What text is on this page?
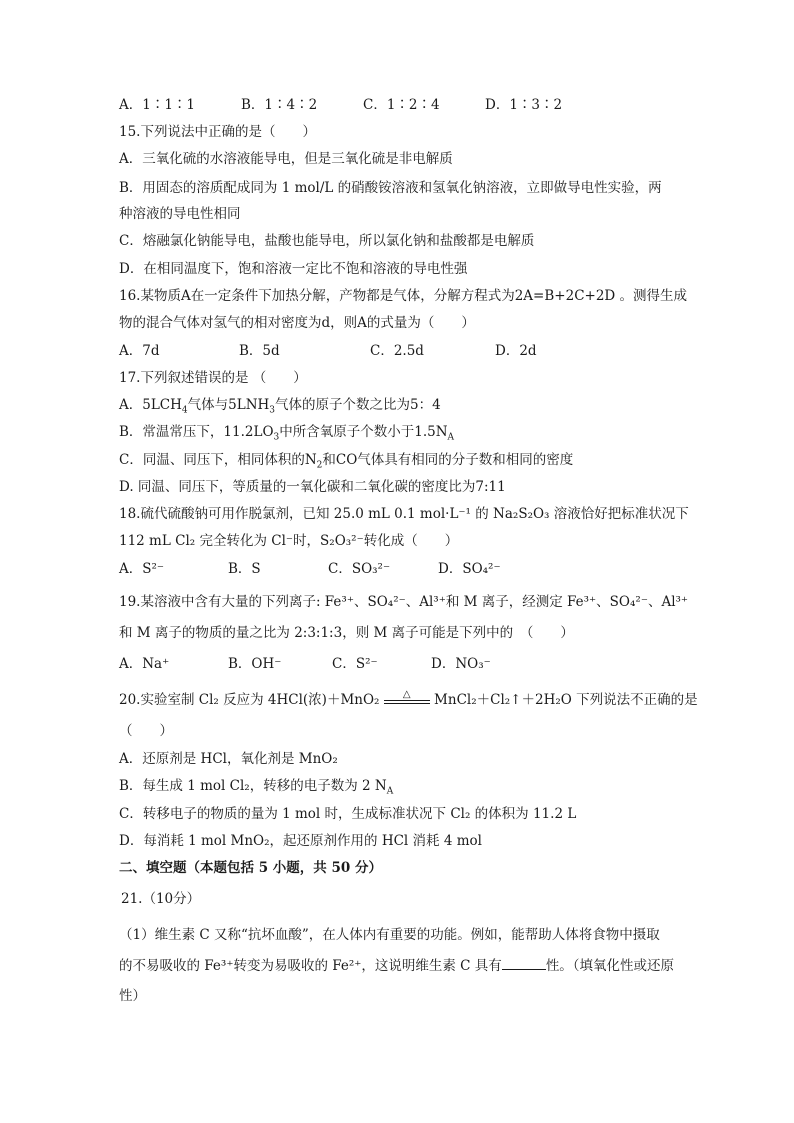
A．1∶1∶1	B．1∶4∶2	C．1∶2∶4	D．1∶3∶2
15.下列说法中正确的是（　　）
A．三氧化硫的水溶液能导电，但是三氧化硫是非电解质
B．用固态的溶质配成同为 1 mol/L 的硝酸铵溶液和氢氧化钠溶液，立即做导电性实验，两
种溶液的导电性相同
C．熔融氯化钠能导电，盐酸也能导电，所以氯化钠和盐酸都是电解质
D．在相同温度下，饱和溶液一定比不饱和溶液的导电性强
16.某物质A在一定条件下加热分解，产物都是气体，分解方程式为2A=B+2C+2D 。测得生成
物的混合气体对氢气的相对密度为d，则A的式量为（　　）
A．7d	B．5d	C．2.5d	D．2d
17.下列叙述错误的是 （　　）
A．$5LCH_4$气体与$5LNH_3$气体的原子个数之比为5：4
B．常温常压下，$11.2LO_3$中所含氧原子个数小于$1.5N_A$
C．同温、同压下，相同体积的$N_2$和CO气体具有相同的分子数和相同的密度
D. 同温、同压下，等质量的一氧化碳和二氧化碳的密度比为7:11
18.硫代硫酸钠可用作脱氯剂，已知 25.0 mL 0.1 mol·L⁻¹ 的 Na₂S₂O₃ 溶液恰好把标准状况下
112 mL Cl₂ 完全转化为 Cl⁻时，S₂O₃²⁻转化成（　　）
A．S²⁻	B．S	C．SO₃²⁻	D．SO₄²⁻
19.某溶液中含有大量的下列离子: Fe³⁺、SO₄²⁻、Al³⁺和 M 离子，经测定 Fe³⁺、SO₄²⁻、Al³⁺
和 M 离子的物质的量之比为 2:3:1:3，则 M 离子可能是下列中的　（　　）
A．Na⁺	B．OH⁻	C．S²⁻	D．NO₃⁻
20.实验室制 Cl₂ 反应为 4HCl(浓)＋MnO₂	△	MnCl₂＋Cl₂↑＋2H₂O 下列说法不正确的是
（　　）
A．还原剂是 HCl，氧化剂是 MnO₂
B．每生成 1 mol Cl₂，转移的电子数为 2 $N_A$
C．转移电子的物质的量为 1 mol 时，生成标准状况下 Cl₂ 的体积为 11.2 L
D．每消耗 1 mol MnO₂，起还原剂作用的 HCl 消耗 4 mol
二、填空题（本题包括 5 小题，共 50 分）
21.（10分）
（1）维生素 C 又称“抗坏血酸”，在人体内有重要的功能。例如，能帮助人体将食物中摄取
的不易吸收的 Fe³⁺转变为易吸收的 Fe²⁺，这说明维生素 C 具有	性。（填氧化性或还原
性）
